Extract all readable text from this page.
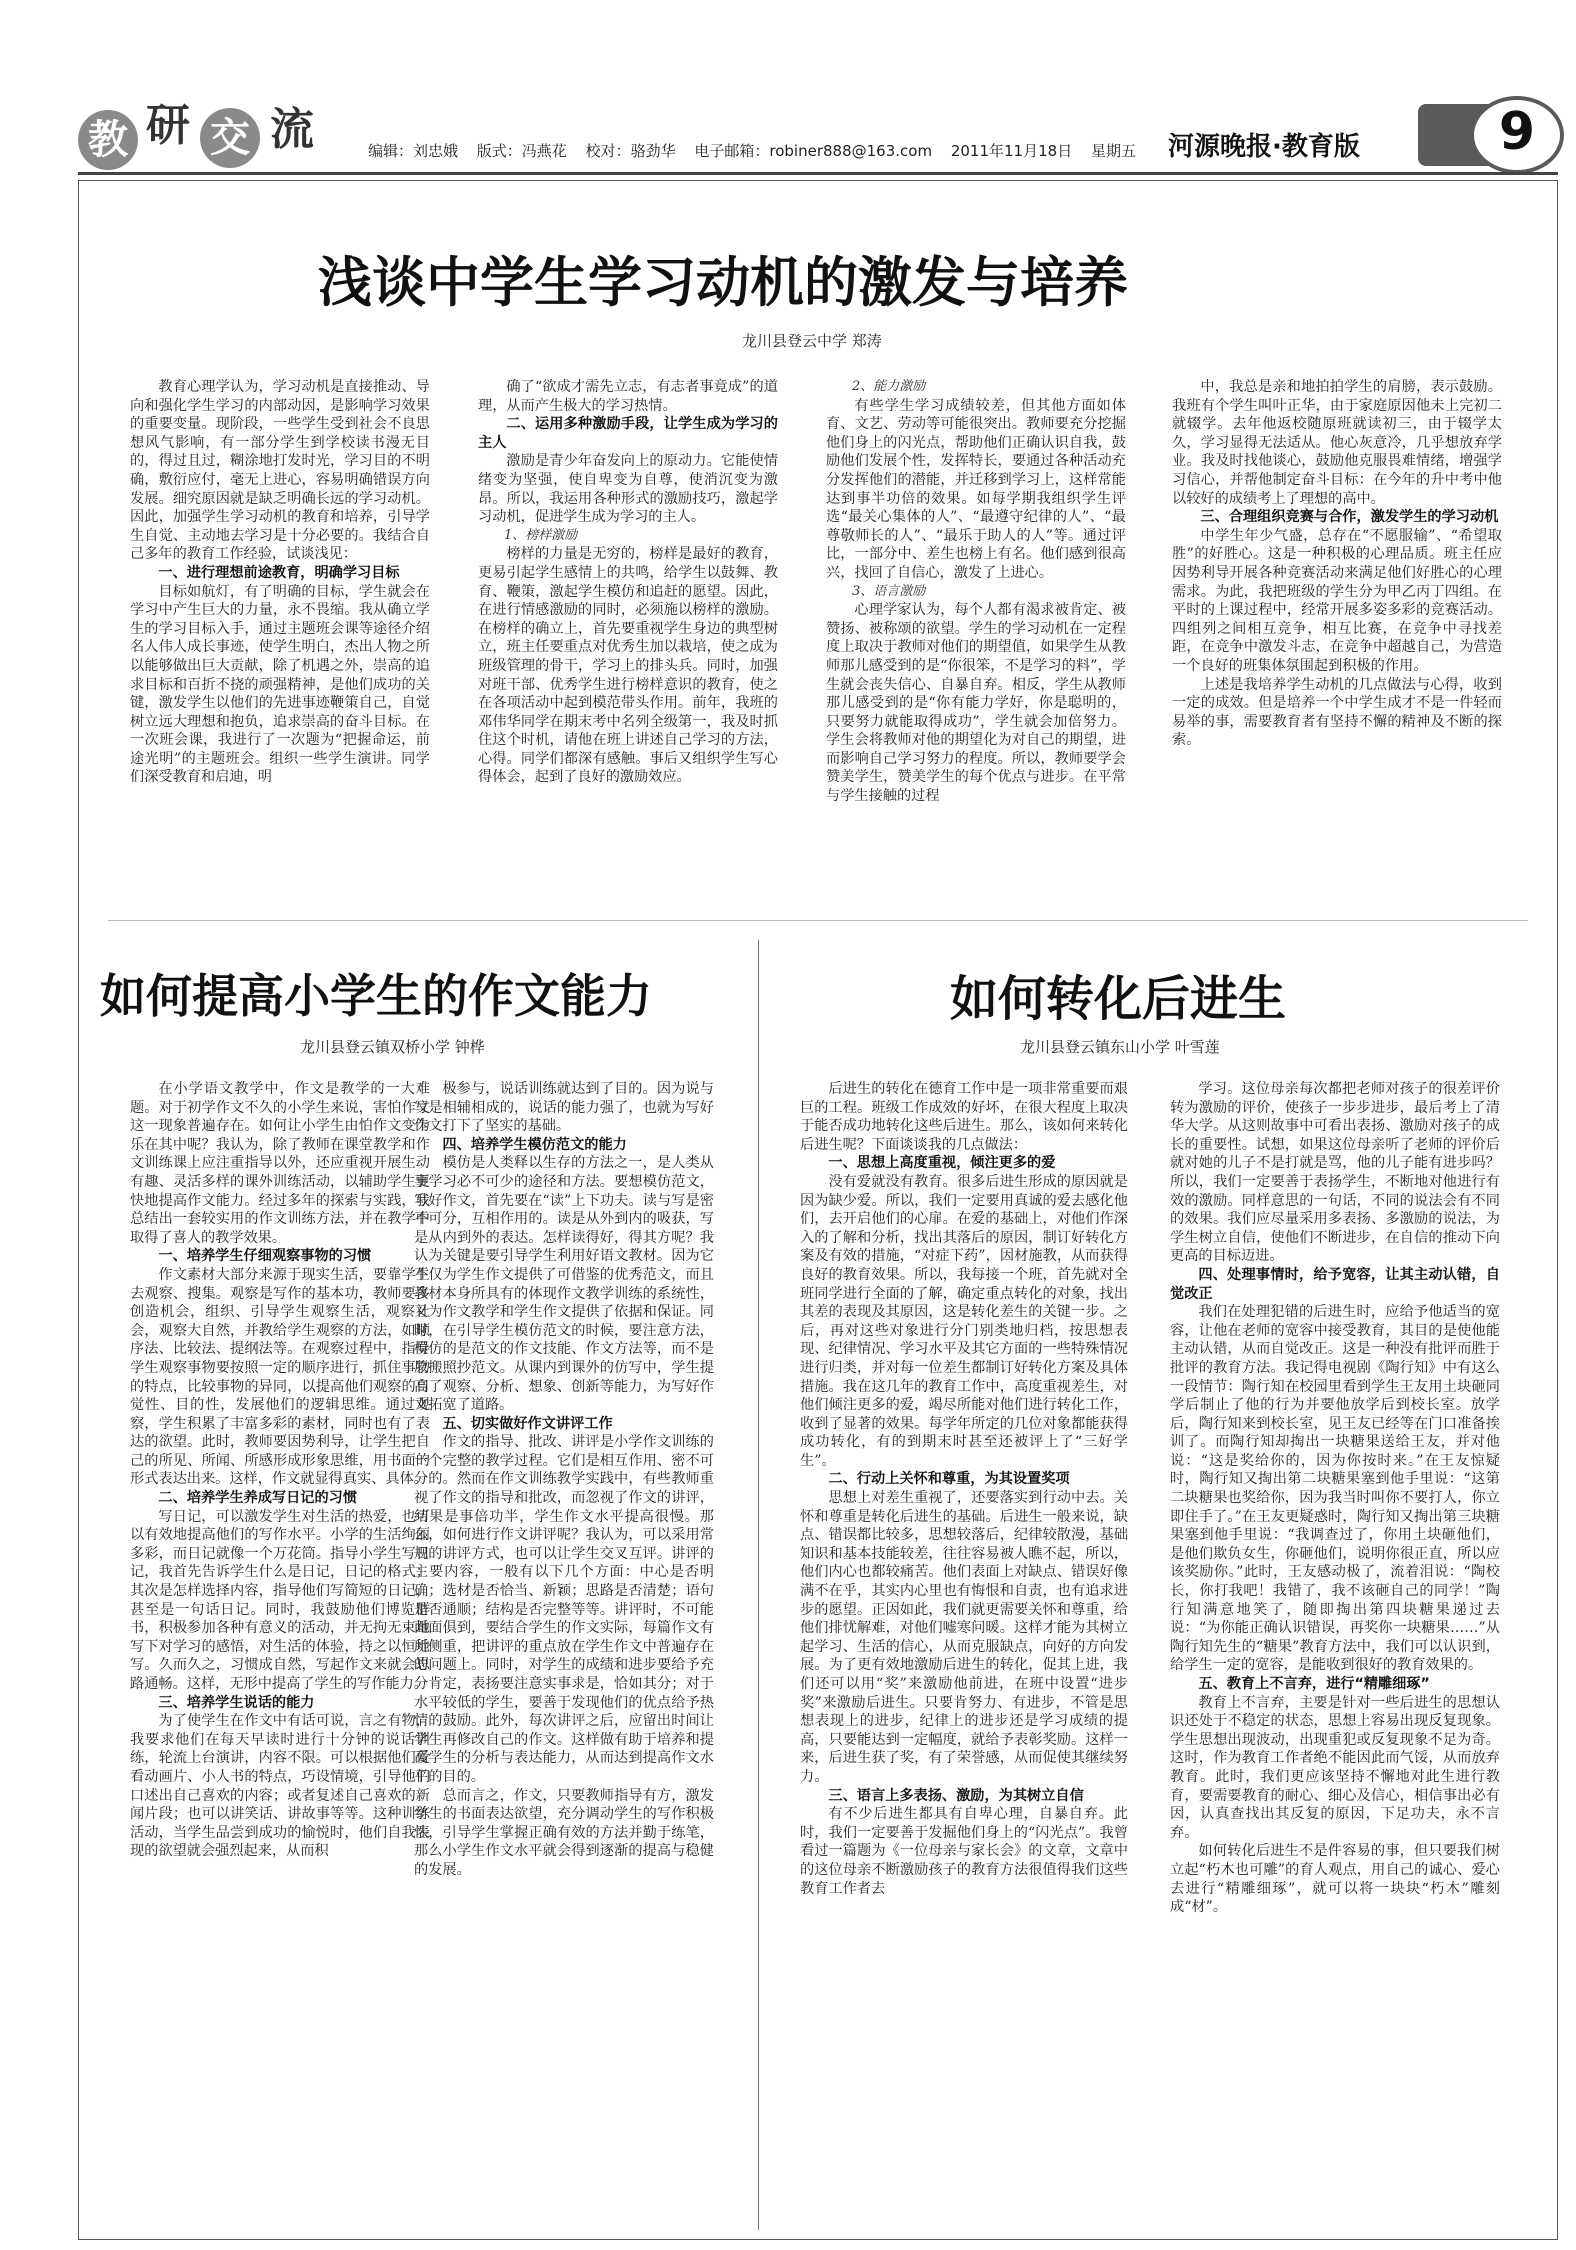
教 研 交 流	编辑：刘忠娥 版式：冯燕花 校对：骆劲华 电子邮箱：robiner888@163.com 2011年11月18日 星期五	河源晚报·教育版	9
浅谈中学生学习动机的激发与培养
龙川县登云中学 郑涛

教育心理学认为，学习动机是直接推动、导向和强化学生学习的内部动因，是影响学习效果的重要变量。现阶段，一些学生受到社会不良思想风气影响，有一部分学生到学校读书漫无目的，得过且过，糊涂地打发时光，学习目的不明确，敷衍应付，毫无上进心，容易明确错误方向发展。细究原因就是缺乏明确长远的学习动机。因此，加强学生学习动机的教育和培养，引导学生自觉、主动地去学习是十分必要的。我结合自己多年的教育工作经验，试谈浅见：

一、进行理想前途教育，明确学习目标

目标如航灯，有了明确的目标，学生就会在学习中产生巨大的力量，永不畏缩。我从确立学生的学习目标入手，通过主题班会课等途径介绍名人伟人成长事迹，使学生明白，杰出人物之所以能够做出巨大贡献，除了机遇之外，崇高的追求目标和百折不挠的顽强精神，是他们成功的关键，激发学生以他们的先进事迹鞭策自己，自觉树立远大理想和抱负，追求崇高的奋斗目标。在一次班会课，我进行了一次题为“把握命运，前途光明”的主题班会。组织一些学生演讲。同学们深受教育和启迪，明

确了“欲成才需先立志，有志者事竟成”的道理，从而产生极大的学习热情。

二、运用多种激励手段，让学生成为学习的主人

激励是青少年奋发向上的原动力。它能使情绪变为坚强，使自卑变为自尊，使消沉变为激昂。所以，我运用各种形式的激励技巧，激起学习动机，促进学生成为学习的主人。

1、榜样激励

榜样的力量是无穷的，榜样是最好的教育，更易引起学生感情上的共鸣，给学生以鼓舞、教育、鞭策，激起学生模仿和追赶的愿望。因此，在进行情感激励的同时，必须施以榜样的激励。在榜样的确立上，首先要重视学生身边的典型树立，班主任要重点对优秀生加以栽培，使之成为班级管理的骨干，学习上的排头兵。同时，加强对班干部、优秀学生进行榜样意识的教育，使之在各项活动中起到模范带头作用。前年，我班的邓伟华同学在期末考中名列全级第一，我及时抓住这个时机，请他在班上讲述自己学习的方法，心得。同学们都深有感触。事后又组织学生写心得体会，起到了良好的激励效应。

2、能力激励

有些学生学习成绩较差，但其他方面如体育、文艺、劳动等可能很突出。教师要充分挖掘他们身上的闪光点，帮助他们正确认识自我，鼓励他们发展个性，发挥特长，要通过各种活动充分发挥他们的潜能，并迁移到学习上，这样常能达到事半功倍的效果。如每学期我组织学生评选“最关心集体的人”、“最遵守纪律的人”、“最尊敬师长的人”、“最乐于助人的人”等。通过评比，一部分中、差生也榜上有名。他们感到很高兴，找回了自信心，激发了上进心。

3、语言激励

心理学家认为，每个人都有渴求被肯定、被赞扬、被称颂的欲望。学生的学习动机在一定程度上取决于教师对他们的期望值，如果学生从教师那儿感受到的是“你很笨，不是学习的料”，学生就会丧失信心、自暴自弃。相反，学生从教师那儿感受到的是“你有能力学好，你是聪明的，只要努力就能取得成功”，学生就会加倍努力。学生会将教师对他的期望化为对自己的期望，进而影响自己学习努力的程度。所以，教师要学会赞美学生，赞美学生的每个优点与进步。在平常与学生接触的过程

中，我总是亲和地拍拍学生的肩膀，表示鼓励。我班有个学生叫叶正华，由于家庭原因他未上完初二就辍学。去年他返校随原班就读初三，由于辍学太久，学习显得无法适从。他心灰意冷，几乎想放弃学业。我及时找他谈心，鼓励他克服畏难情绪，增强学习信心，并帮他制定奋斗目标：在今年的升中考中他以较好的成绩考上了理想的高中。

三、合理组织竞赛与合作，激发学生的学习动机

中学生年少气盛，总存在“不愿服输”、“希望取胜”的好胜心。这是一种积极的心理品质。班主任应因势利导开展各种竞赛活动来满足他们好胜心的心理需求。为此，我把班级的学生分为甲乙丙丁四组。在平时的上课过程中，经常开展多姿多彩的竞赛活动。四组列之间相互竞争，相互比赛，在竞争中寻找差距，在竞争中激发斗志，在竞争中超越自己，为营造一个良好的班集体氛围起到积极的作用。

上述是我培养学生动机的几点做法与心得，收到一定的成效。但是培养一个中学生成才不是一件轻而易举的事，需要教育者有坚持不懈的精神及不断的探索。

如何提高小学生的作文能力
龙川县登云镇双桥小学 钟桦

在小学语文教学中，作文是教学的一大难题。对于初学作文不久的小学生来说，害怕作文这一现象普遍存在。如何让小学生由怕作文变为乐在其中呢？我认为，除了教师在课堂教学和作文训练课上应注重指导以外，还应重视开展生动有趣、灵活多样的课外训练活动，以辅助学生更快地提高作文能力。经过多年的探索与实践，我总结出一套较实用的作文训练方法，并在教学中取得了喜人的教学效果。

一、培养学生仔细观察事物的习惯

作文素材大部分来源于现实生活，要靠学生去观察、搜集。观察是写作的基本功，教师要多创造机会，组织、引导学生观察生活，观察社会，观察大自然，并教给学生观察的方法，如顺序法、比较法、提纲法等。在观察过程中，指导学生观察事物要按照一定的顺序进行，抓住事物的特点，比较事物的异同，以提高他们观察的自觉性、目的性，发展他们的逻辑思维。通过观察，学生积累了丰富多彩的素材，同时也有了表达的欲望。此时，教师要因势利导，让学生把自己的所见、所闻、所感形成形象思维，用书面的形式表达出来。这样，作文就显得真实、具体。

二、培养学生养成写日记的习惯

写日记，可以激发学生对生活的热爱，也可以有效地提高他们的写作水平。小学的生活绚丽多彩，而日记就像一个万花筒。指导小学生写日记，我首先告诉学生什么是日记，日记的格式；其次是怎样选择内容，指导他们写简短的日记，甚至是一句话日记。同时，我鼓励他们博览群书，积极参加各种有意义的活动，并无拘无束地写下对学习的感悟，对生活的体验，持之以恒地写。久而久之，习惯成自然，写起作文来就会思路通畅。这样，无形中提高了学生的写作能力。

三、培养学生说话的能力

为了使学生在作文中有话可说，言之有物，我要求他们在每天早读时进行十分钟的说话训练，轮流上台演讲，内容不限。可以根据他们爱看动画片、小人书的特点，巧设情境，引导他们口述出自己喜欢的内容；或者复述自己喜欢的新闻片段；也可以讲笑话、讲故事等等。这种训练活动，当学生品尝到成功的愉悦时，他们自我表现的欲望就会强烈起来，从而积

极参与，说话训练就达到了目的。因为说与写是相辅相成的，说话的能力强了，也就为写好作文打下了坚实的基础。

四、培养学生模仿范文的能力

模仿是人类释以生存的方法之一，是人类从事学习必不可少的途径和方法。要想模仿范文，写好作文，首先要在“读”上下功夫。读与写是密不可分，互相作用的。读是从外到内的吸获，写是从内到外的表达。怎样读得好，得其方呢？我认为关键是要引导学生利用好语文教材。因为它不仅为学生作文提供了可借鉴的优秀范文，而且教材本身所具有的体现作文教学训练的系统性，又为作文教学和学生作文提供了依据和保证。同时，在引导学生模仿范文的时候，要注意方法，模仿的是范文的作文技能、作文方法等，而不是原搬照抄范文。从课内到课外的仿写中，学生提高了观察、分析、想象、创新等能力，为写好作文拓宽了道路。

五、切实做好作文讲评工作

作文的指导、批改、讲评是小学作文训练的一个完整的教学过程。它们是相互作用、密不可分的。然而在作文训练教学实践中，有些教师重视了作文的指导和批改，而忽视了作文的讲评，结果是事倍功半，学生作文水平提高很慢。那么，如何进行作文讲评呢？我认为，可以采用常规的讲评方式，也可以让学生交叉互评。讲评的主要内容，一般有以下几个方面：中心是否明确；选材是否恰当、新颖；思路是否清楚；语句是否通顺；结构是否完整等等。讲评时，不可能面面俱到，要结合学生的作文实际，每篇作文有所侧重，把讲评的重点放在学生作文中普遍存在的问题上。同时，对学生的成绩和进步要给予充分肯定，表扬要注意实事求是，恰如其分；对于水平较低的学生，要善于发现他们的优点给予热情的鼓励。此外，每次讲评之后，应留出时间让学生再修改自己的作文。这样做有助于培养和提高学生的分析与表达能力，从而达到提高作文水平的目的。

总而言之，作文，只要教师指导有方，激发学生的书面表达欲望，充分调动学生的写作积极性，引导学生掌握正确有效的方法并勤于练笔，那么小学生作文水平就会得到逐渐的提高与稳健的发展。

如何转化后进生
龙川县登云镇东山小学 叶雪莲

后进生的转化在德育工作中是一项非常重要而艰巨的工程。班级工作成效的好坏，在很大程度上取决于能否成功地转化这些后进生。那么，该如何来转化后进生呢？下面谈谈我的几点做法：

一、思想上高度重视，倾注更多的爱

没有爱就没有教育。很多后进生形成的原因就是因为缺少爱。所以，我们一定要用真诚的爱去感化他们，去开启他们的心扉。在爱的基础上，对他们作深入的了解和分析，找出其落后的原因，制订好转化方案及有效的措施，“对症下药”，因材施教，从而获得良好的教育效果。所以，我每接一个班，首先就对全班同学进行全面的了解，确定重点转化的对象，找出其差的表现及其原因，这是转化差生的关键一步。之后，再对这些对象进行分门别类地归档，按思想表现、纪律情况、学习水平及其它方面的一些特殊情况进行归类，并对每一位差生都制订好转化方案及具体措施。我在这几年的教育工作中，高度重视差生，对他们倾注更多的爱，竭尽所能对他们进行转化工作，收到了显著的效果。每学年所定的几位对象都能获得成功转化，有的到期末时甚至还被评上了“三好学生”。

二、行动上关怀和尊重，为其设置奖项

思想上对差生重视了，还要落实到行动中去。关怀和尊重是转化后进生的基础。后进生一般来说，缺点、错误都比较多，思想较落后，纪律较散漫，基础知识和基本技能较差，往往容易被人瞧不起，所以，他们内心也都较痛苦。他们表面上对缺点、错误好像满不在乎，其实内心里也有悔恨和自责，也有追求进步的愿望。正因如此，我们就更需要关怀和尊重，给他们排忧解难，对他们嘘寒问暖。这样才能为其树立起学习、生活的信心，从而克服缺点，向好的方向发展。为了更有效地激励后进生的转化，促其上进，我们还可以用“奖”来激励他前进，在班中设置“进步奖”来激励后进生。只要肯努力、有进步，不管是思想表现上的进步，纪律上的进步还是学习成绩的提高，只要能达到一定幅度，就给予表彰奖励。这样一来，后进生获了奖，有了荣誉感，从而促使其继续努力。

三、语言上多表扬、激励，为其树立自信

有不少后进生都具有自卑心理，自暴自弃。此时，我们一定要善于发掘他们身上的“闪光点”。我曾看过一篇题为《一位母亲与家长会》的文章，文章中的这位母亲不断激励孩子的教育方法很值得我们这些教育工作者去

学习。这位母亲每次都把老师对孩子的很差评价转为激励的评价，使孩子一步步进步，最后考上了清华大学。从这则故事中可看出表扬、激励对孩子的成长的重要性。试想，如果这位母亲听了老师的评价后就对她的儿子不是打就是骂，他的儿子能有进步吗？所以，我们一定要善于表扬学生，不断地对他进行有效的激励。同样意思的一句话，不同的说法会有不同的效果。我们应尽量采用多表扬、多激励的说法，为学生树立自信，使他们不断进步，在自信的推动下向更高的目标迈进。

四、处理事情时，给予宽容，让其主动认错，自觉改正

我们在处理犯错的后进生时，应给予他适当的宽容，让他在老师的宽容中接受教育，其目的是使他能主动认错，从而自觉改正。这是一种没有批评而胜于批评的教育方法。我记得电视剧《陶行知》中有这么一段情节：陶行知在校园里看到学生王友用土块砸同学后制止了他的行为并要他放学后到校长室。放学后，陶行知来到校长室，见王友已经等在门口准备挨训了。而陶行知却掏出一块糖果送给王友，并对他说：“这是奖给你的，因为你按时来。”在王友惊疑时，陶行知又掏出第二块糖果塞到他手里说：“这第二块糖果也奖给你，因为我当时叫你不要打人，你立即住手了。”在王友更疑惑时，陶行知又掏出第三块糖果塞到他手里说：“我调查过了，你用土块砸他们，是他们欺负女生，你砸他们，说明你很正直，所以应该奖励你。”此时，王友感动极了，流着泪说：“陶校长，你打我吧！我错了，我不该砸自己的同学！”陶行知满意地笑了，随即掏出第四块糖果递过去说：“为你能正确认识错误，再奖你一块糖果……”从陶行知先生的“糖果”教育方法中，我们可以认识到，给学生一定的宽容，是能收到很好的教育效果的。

五、教育上不言弃，进行“精雕细琢”

教育上不言弃，主要是针对一些后进生的思想认识还处于不稳定的状态，思想上容易出现反复现象。学生思想出现波动，出现重犯或反复现象不足为奇。这时，作为教育工作者绝不能因此而气馁，从而放弃教育。此时，我们更应该坚持不懈地对此生进行教育，要需要教育的耐心、细心及信心，相信事出必有因，认真查找出其反复的原因，下足功夫，永不言弃。

如何转化后进生不是件容易的事，但只要我们树立起“朽木也可雕”的育人观点，用自己的诚心、爱心去进行“精雕细琢”，就可以将一块块“朽木”雕刻成“材”。
